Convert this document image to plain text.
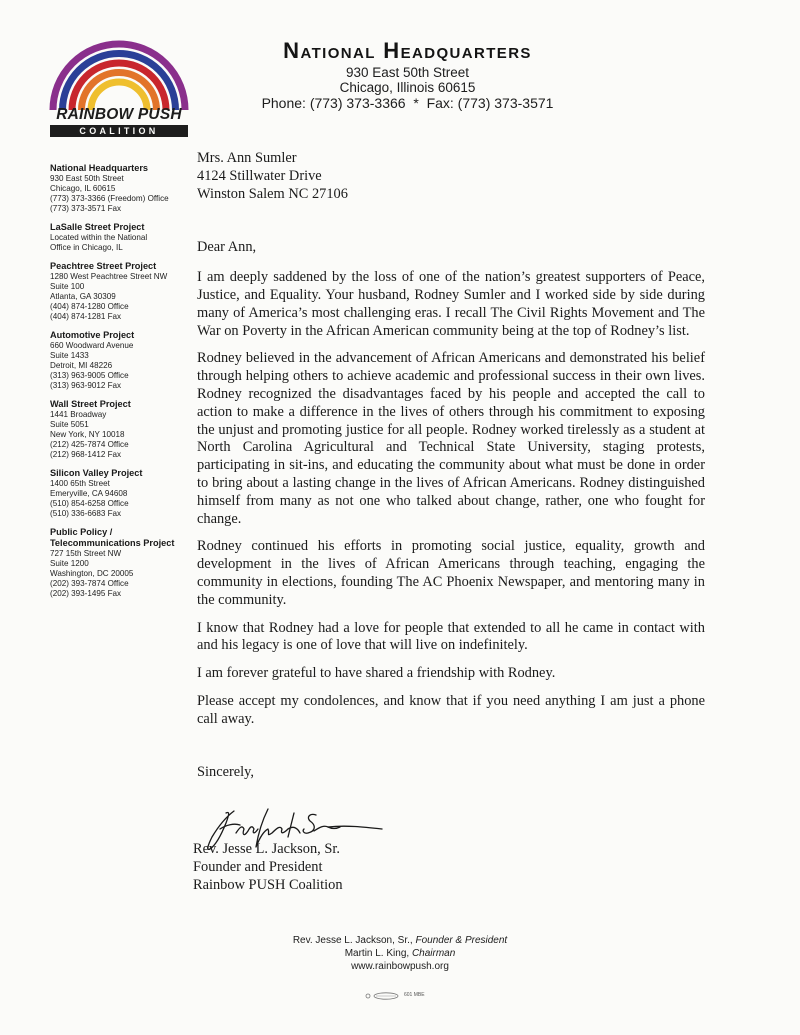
RAINBOW PUSH
COALITION
National Headquarters
930 East 50th Street
Chicago, Illinois 60615
Phone: (773) 373-3366  *  Fax: (773) 373-3571
National Headquarters
930 East 50th Street
Chicago, IL 60615
(773) 373-3366 (Freedom) Office
(773) 373-3571 Fax
LaSalle Street Project
Located within the National
Office in Chicago, IL
Peachtree Street Project
1280 West Peachtree Street NW
Suite 100
Atlanta, GA 30309
(404) 874-1280 Office
(404) 874-1281 Fax
Automotive Project
660 Woodward Avenue
Suite 1433
Detroit, MI 48226
(313) 963-9005 Office
(313) 963-9012 Fax
Wall Street Project
1441 Broadway
Suite 5051
New York, NY 10018
(212) 425-7874 Office
(212) 968-1412 Fax
Silicon Valley Project
1400 65th Street
Emeryville, CA 94608
(510) 854-6258 Office
(510) 336-6683 Fax
Public Policy /
Telecommunications Project
727 15th Street NW
Suite 1200
Washington, DC 20005
(202) 393-7874 Office
(202) 393-1495 Fax
Mrs. Ann Sumler
4124 Stillwater Drive
Winston Salem NC 27106
Dear Ann,
I am deeply saddened by the loss of one of the nation’s greatest supporters of Peace, Justice, and Equality. Your husband, Rodney Sumler and I worked side by side during many of America’s most challenging eras. I recall The Civil Rights Movement and The War on Poverty in the African American community being at the top of Rodney’s list.
Rodney believed in the advancement of African Americans and demonstrated his belief through helping others to achieve academic and professional success in their own lives. Rodney recognized the disadvantages faced by his people and accepted the call to action to make a difference in the lives of others through his commitment to exposing the unjust and promoting justice for all people. Rodney worked tirelessly as a student at North Carolina Agricultural and Technical State University, staging protests, participating in sit-ins, and educating the community about what must be done in order to bring about a lasting change in the lives of African Americans. Rodney distinguished himself from many as not one who talked about change, rather, one who fought for change.
Rodney continued his efforts in promoting social justice, equality, growth and development in the lives of African Americans through teaching, engaging the community in elections, founding The AC Phoenix Newspaper, and mentoring many in the community.
I know that Rodney had a love for people that extended to all he came in contact with and his legacy is one of love that will live on indefinitely.
I am forever grateful to have shared a friendship with Rodney.
Please accept my condolences, and know that if you need anything I am just a phone call away.
Sincerely,
Rev. Jesse L. Jackson, Sr.
Founder and President
Rainbow PUSH Coalition
Rev. Jesse L. Jackson, Sr., Founder & President
Martin L. King, Chairman
www.rainbowpush.org
601 MBE
